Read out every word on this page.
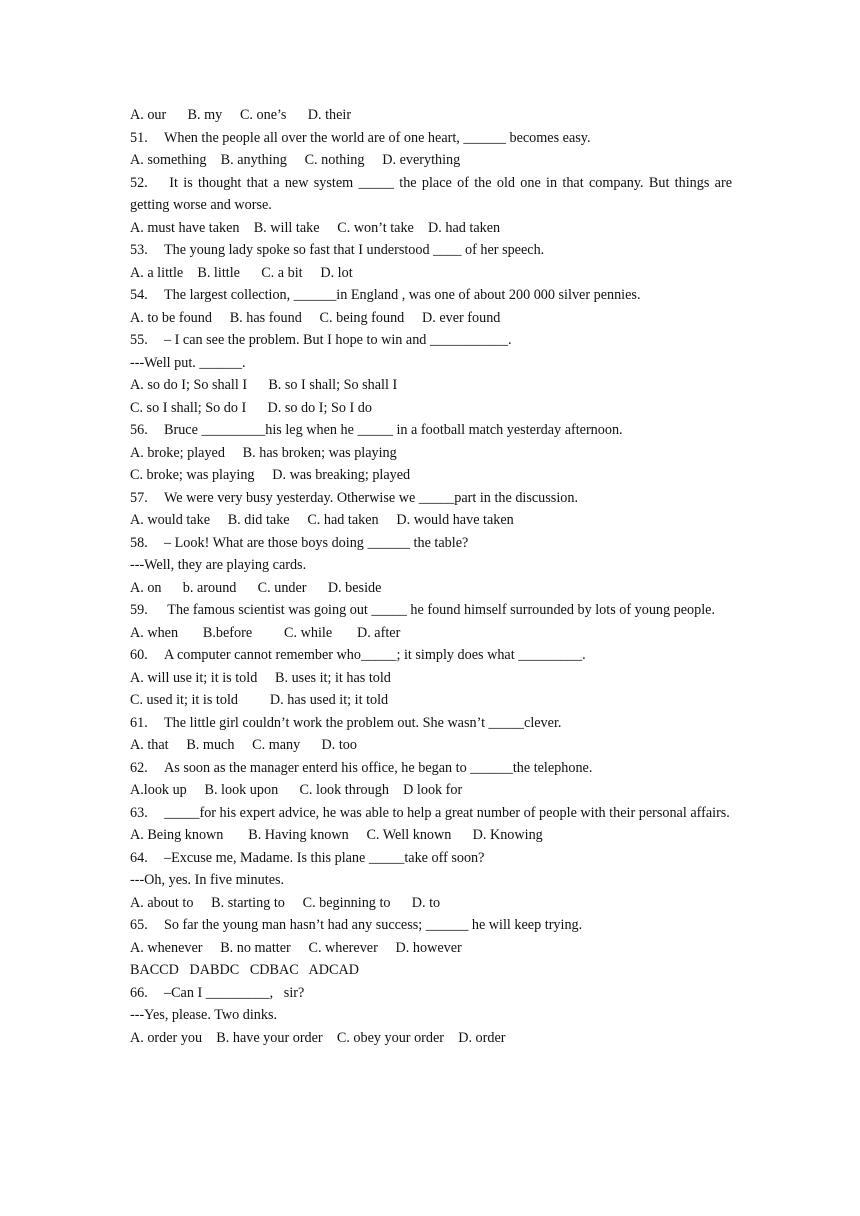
A. our      B. my     C. one’s      D. their
51. When the people all over the world are of one heart, ______ becomes easy.
A. something    B. anything     C. nothing     D. everything
52. It is thought that a new system _____ the place of the old one in that company. But things are getting worse and worse.
A. must have taken    B. will take     C. won’t take    D. had taken
53. The young lady spoke so fast that I understood ____ of her speech.
A. a little    B. little      C. a bit     D. lot
54. The largest collection, ______in England , was one of about 200 000 silver pennies.
A. to be found     B. has found     C. being found     D. ever found
55. – I can see the problem. But I hope to win and ___________.
---Well put. ______.
A. so do I; So shall I      B. so I shall; So shall I
C. so I shall; So do I      D. so do I; So I do
56. Bruce _________his leg when he _____ in a football match yesterday afternoon.
A. broke; played     B. has broken; was playing
C. broke; was playing     D. was breaking; played
57. We were very busy yesterday. Otherwise we _____part in the discussion.
A. would take     B. did take     C. had taken     D. would have taken
58. – Look! What are those boys doing ______ the table?
---Well, they are playing cards.
A. on      b. around      C. under      D. beside
59. The famous scientist was going out _____ he found himself surrounded by lots of young people.
A. when       B.before         C. while       D. after
60. A computer cannot remember who_____; it simply does what _________.
A. will use it; it is told     B. uses it; it has told
C. used it; it is told         D. has used it; it told
61. The little girl couldn’t work the problem out. She wasn’t _____clever.
A. that     B. much     C. many      D. too
62. As soon as the manager enterd his office, he began to ______the telephone.
A.look up     B. look upon      C. look through    D look for
63. _____for his expert advice, he was able to help a great number of people with their personal affairs.
A. Being known       B. Having known     C. Well known      D. Knowing
64. –Excuse me, Madame. Is this plane _____take off soon?
---Oh, yes. In five minutes.
A. about to     B. starting to     C. beginning to      D. to
65. So far the young man hasn’t had any success; ______ he will keep trying.
A. whenever     B. no matter     C. wherever     D. however
BACCD   DABDC   CDBAC   ADCAD
66. –Can I _________,   sir?
---Yes, please. Two dinks.
A. order you    B. have your order    C. obey your order    D. order
